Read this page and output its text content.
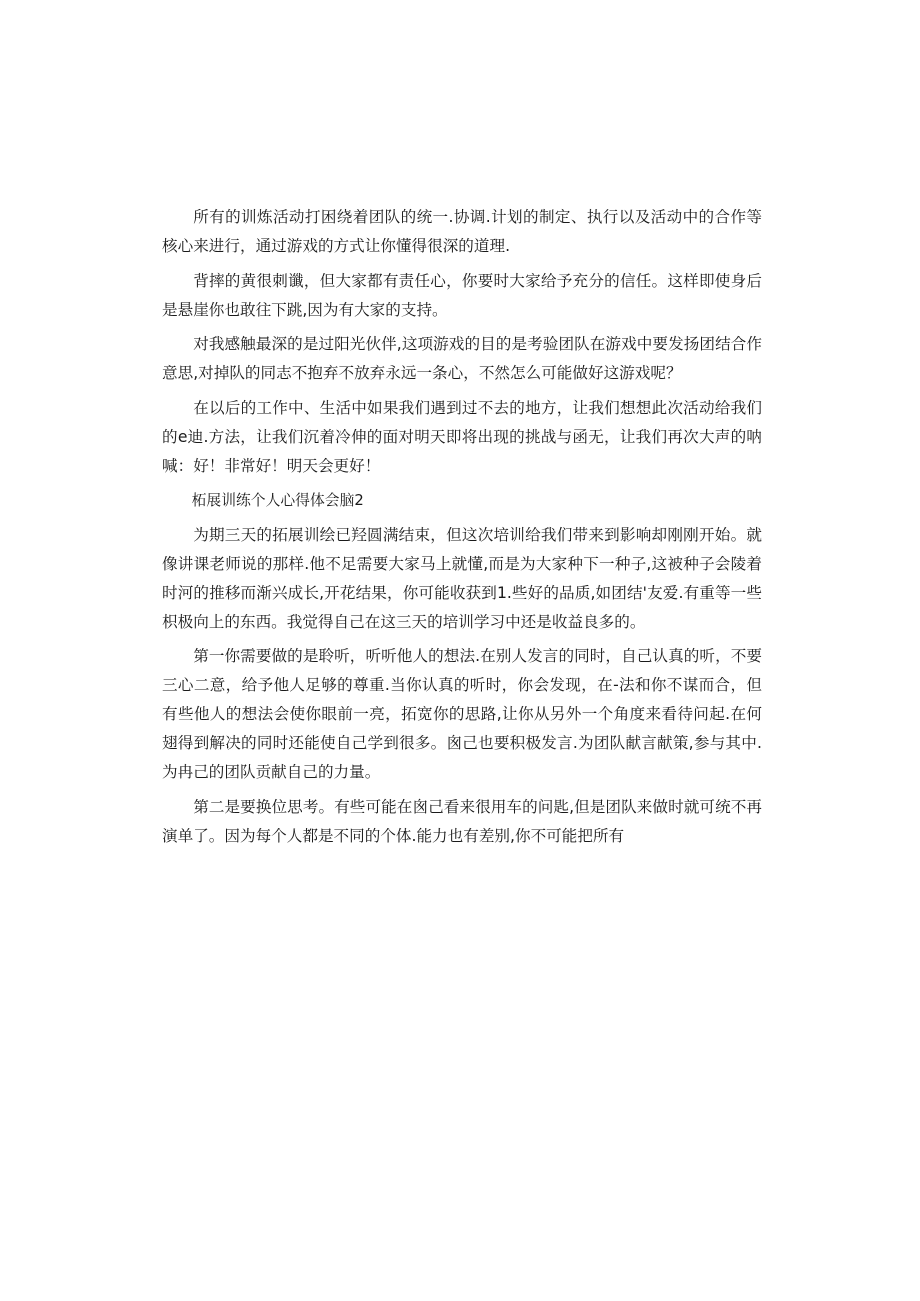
所有的训炼活动打困绕着团队的统一.协调.计划的制定、执行以及活动中的合作等核心来进行，通过游戏的方式让你懂得很深的道理.

背摔的黄很刺谶，但大家都有责任心，你要时大家给予充分的信任。这样即使身后是悬崖你也敢往下跳,因为有大家的支持。

对我感触最深的是过阳光伙伴,这项游戏的目的是考验团队在游戏中要发扬团结合作意思,对掉队的同志不抱弃不放弃永远一条心，不然怎么可能做好这游戏呢？

在以后的工作中、生活中如果我们遇到过不去的地方，让我们想想此次活动给我们的e迪.方法，让我们沉着冷伸的面对明天即将出现的挑战与函无，让我们再次大声的呐喊：好！非常好！明天会更好！

柘展训练个人心得体会脑2

为期三天的拓展训绘已羟圆满结束，但这次培训给我们带来到影响却刚刚开始。就像讲课老师说的那样.他不足需要大家马上就懂,而是为大家种下一种子,这被种子会陵着时河的推移而渐兴成长,开花结果，你可能收获到1.些好的品质,如团结'友爱.有重等一些枳极向上的东西。我觉得自己在这三天的培训学习中还是收益良多的。

第一你需要做的是聆听，听听他人的想法.在别人发言的同时，自己认真的听，不要三心二意，给予他人足够的尊重.当你认真的听时，你会发现，在-法和你不谋而合，但有些他人的想法会使你眼前一亮，拓宽你的思路,让你从另外一个角度来看待问起.在何翅得到解决的同时还能使自己学到很多。囪己也要积极发言.为团队献言献策,参与其中.为冉己的团队贡献自己的力量。

第二是要换位思考。有些可能在囪己看来很用车的问匙,但是团队来做时就可统不再演单了。因为每个人都是不同的个体.能力也有差别,你不可能把所有
